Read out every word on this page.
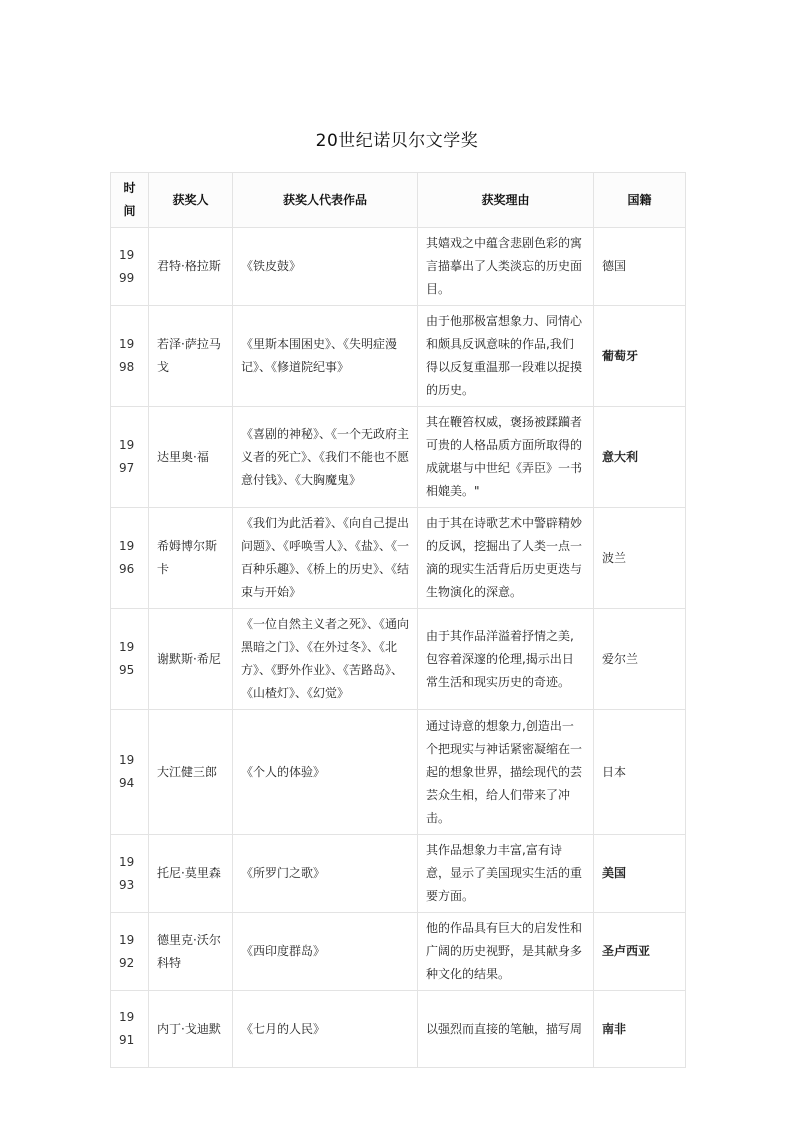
20世纪诺贝尔文学奖
时间	获奖人	获奖人代表作品	获奖理由	国籍
1999	君特·格拉斯	《铁皮鼓》	其嬉戏之中蕴含悲剧色彩的寓言描摹出了人类淡忘的历史面目。	德国
1998	若泽·萨拉马戈	《里斯本围困史》、《失明症漫记》、《修道院纪事》	由于他那极富想象力、同情心和颇具反讽意味的作品,我们得以反复重温那一段难以捉摸的历史。	葡萄牙
1997	达里奥·福	《喜剧的神秘》、《一个无政府主义者的死亡》、《我们不能也不愿意付钱》、《大胸魔鬼》	其在鞭笞权威，褒扬被蹂躏者可贵的人格品质方面所取得的成就堪与中世纪《弄臣》一书相媲美。"	意大利
1996	希姆博尔斯卡	《我们为此活着》、《向自己提出问题》、《呼唤雪人》、《盐》、《一百种乐趣》、《桥上的历史》、《结束与开始》	由于其在诗歌艺术中警辟精妙的反讽，挖掘出了人类一点一滴的现实生活背后历史更迭与生物演化的深意。	波兰
1995	谢默斯·希尼	《一位自然主义者之死》、《通向黑暗之门》、《在外过冬》、《北方》、《野外作业》、《苦路岛》、《山楂灯》、《幻觉》	由于其作品洋溢着抒情之美,包容着深邃的伦理,揭示出日常生活和现实历史的奇迹。	爱尔兰
1994	大江健三郎	《个人的体验》	通过诗意的想象力,创造出一个把现实与神话紧密凝缩在一起的想象世界，描绘现代的芸芸众生相，给人们带来了冲击。	日本
1993	托尼·莫里森	《所罗门之歌》	其作品想象力丰富,富有诗意，显示了美国现实生活的重要方面。	美国
1992	德里克·沃尔科特	《西印度群岛》	他的作品具有巨大的启发性和广阔的历史视野，是其献身多种文化的结果。	圣卢西亚
1991	内丁·戈迪默	《七月的人民》	以强烈而直接的笔触，描写周	南非
